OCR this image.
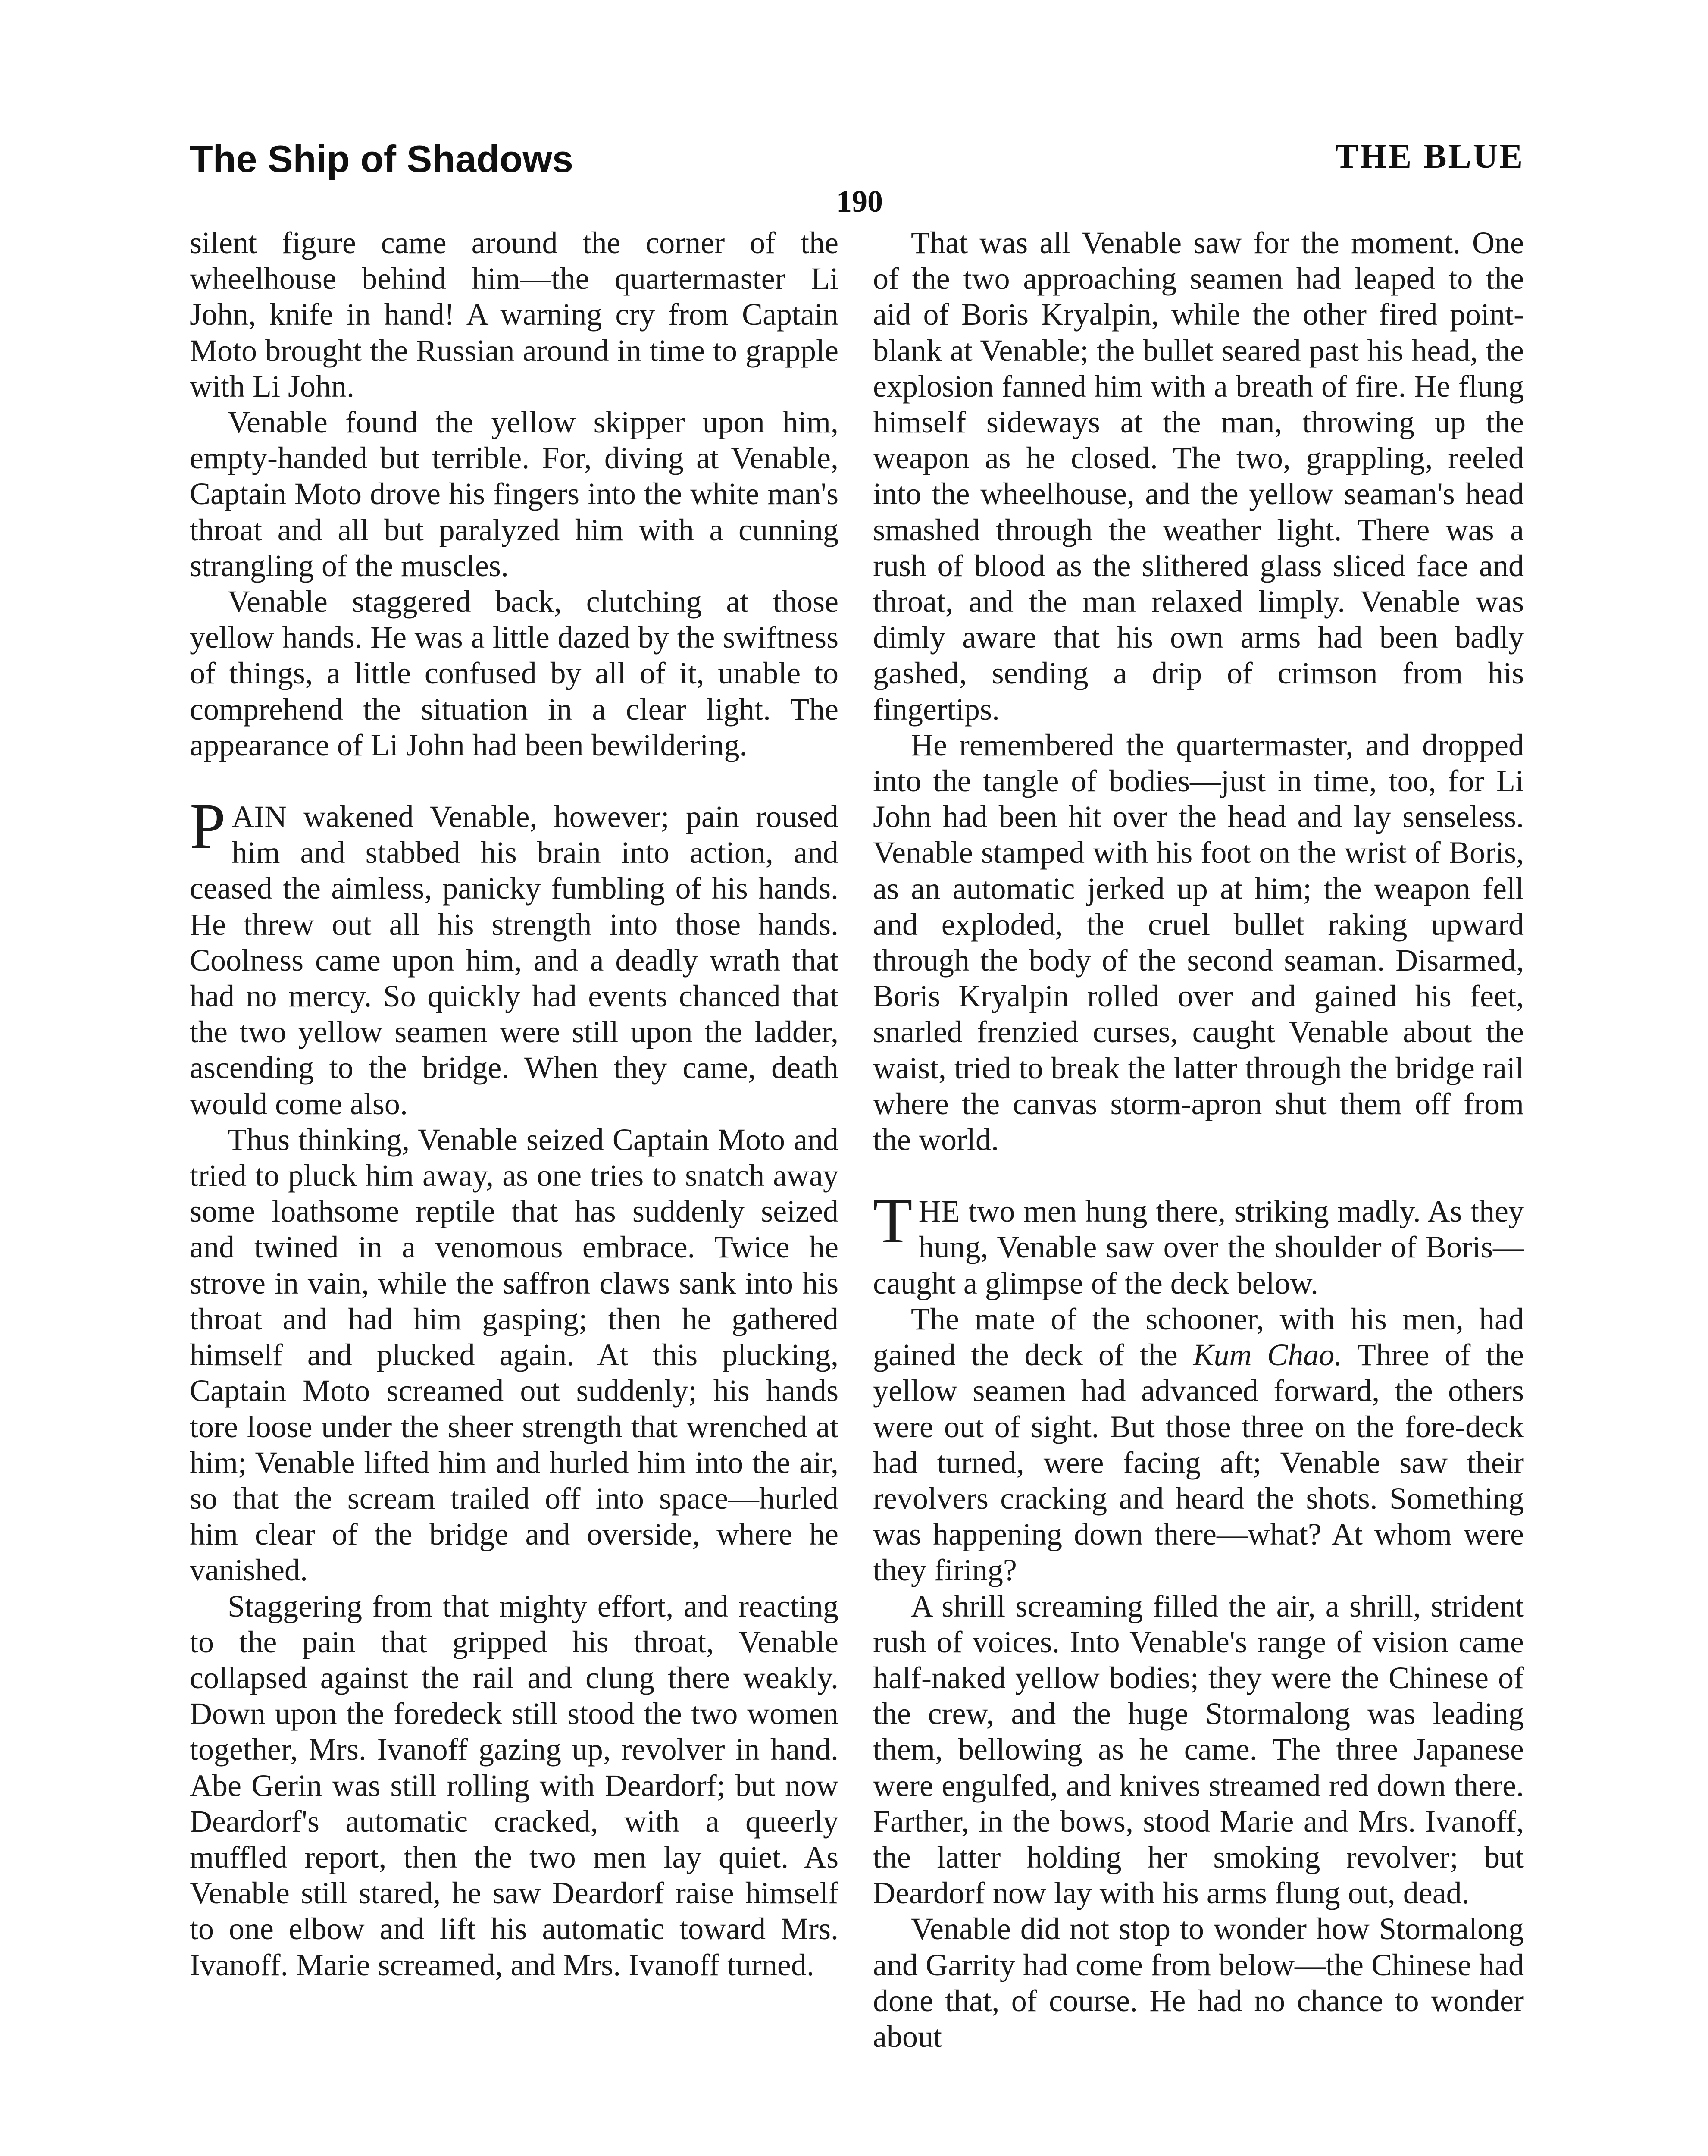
The Ship of Shadows	THE BLUE
190

silent figure came around the corner of the wheelhouse behind him—the quartermaster Li John, knife in hand! A warning cry from Captain Moto brought the Russian around in time to grapple with Li John.

Venable found the yellow skipper upon him, empty-handed but terrible. For, diving at Venable, Captain Moto drove his fingers into the white man's throat and all but paralyzed him with a cunning strangling of the muscles.

Venable staggered back, clutching at those yellow hands. He was a little dazed by the swiftness of things, a little confused by all of it, unable to comprehend the situation in a clear light. The appearance of Li John had been bewildering.

PAIN wakened Venable, however; pain roused him and stabbed his brain into action, and ceased the aimless, panicky fumbling of his hands. He threw out all his strength into those hands. Coolness came upon him, and a deadly wrath that had no mercy. So quickly had events chanced that the two yellow seamen were still upon the ladder, ascending to the bridge. When they came, death would come also.

Thus thinking, Venable seized Captain Moto and tried to pluck him away, as one tries to snatch away some loathsome reptile that has suddenly seized and twined in a venomous embrace. Twice he strove in vain, while the saffron claws sank into his throat and had him gasping; then he gathered himself and plucked again. At this plucking, Captain Moto screamed out suddenly; his hands tore loose under the sheer strength that wrenched at him; Venable lifted him and hurled him into the air, so that the scream trailed off into space—hurled him clear of the bridge and overside, where he vanished.

Staggering from that mighty effort, and reacting to the pain that gripped his throat, Venable collapsed against the rail and clung there weakly. Down upon the foredeck still stood the two women together, Mrs. Ivanoff gazing up, revolver in hand. Abe Gerin was still rolling with Deardorf; but now Deardorf's automatic cracked, with a queerly muffled report, then the two men lay quiet. As Venable still stared, he saw Deardorf raise himself to one elbow and lift his automatic toward Mrs. Ivanoff. Marie screamed, and Mrs. Ivanoff turned.

That was all Venable saw for the moment. One of the two approaching seamen had leaped to the aid of Boris Kryalpin, while the other fired point-blank at Venable; the bullet seared past his head, the explosion fanned him with a breath of fire. He flung himself sideways at the man, throwing up the weapon as he closed. The two, grappling, reeled into the wheelhouse, and the yellow seaman's head smashed through the weather light. There was a rush of blood as the slithered glass sliced face and throat, and the man relaxed limply. Venable was dimly aware that his own arms had been badly gashed, sending a drip of crimson from his fingertips.

He remembered the quartermaster, and dropped into the tangle of bodies—just in time, too, for Li John had been hit over the head and lay senseless. Venable stamped with his foot on the wrist of Boris, as an automatic jerked up at him; the weapon fell and exploded, the cruel bullet raking upward through the body of the second seaman. Disarmed, Boris Kryalpin rolled over and gained his feet, snarled frenzied curses, caught Venable about the waist, tried to break the latter through the bridge rail where the canvas storm-apron shut them off from the world.

THE two men hung there, striking madly. As they hung, Venable saw over the shoulder of Boris—caught a glimpse of the deck below.

The mate of the schooner, with his men, had gained the deck of the Kum Chao. Three of the yellow seamen had advanced forward, the others were out of sight. But those three on the fore-deck had turned, were facing aft; Venable saw their revolvers cracking and heard the shots. Something was happening down there—what? At whom were they firing?

A shrill screaming filled the air, a shrill, strident rush of voices. Into Venable's range of vision came half-naked yellow bodies; they were the Chinese of the crew, and the huge Stormalong was leading them, bellowing as he came. The three Japanese were engulfed, and knives streamed red down there. Farther, in the bows, stood Marie and Mrs. Ivanoff, the latter holding her smoking revolver; but Deardorf now lay with his arms flung out, dead.

Venable did not stop to wonder how Stormalong and Garrity had come from below—the Chinese had done that, of course. He had no chance to wonder about
